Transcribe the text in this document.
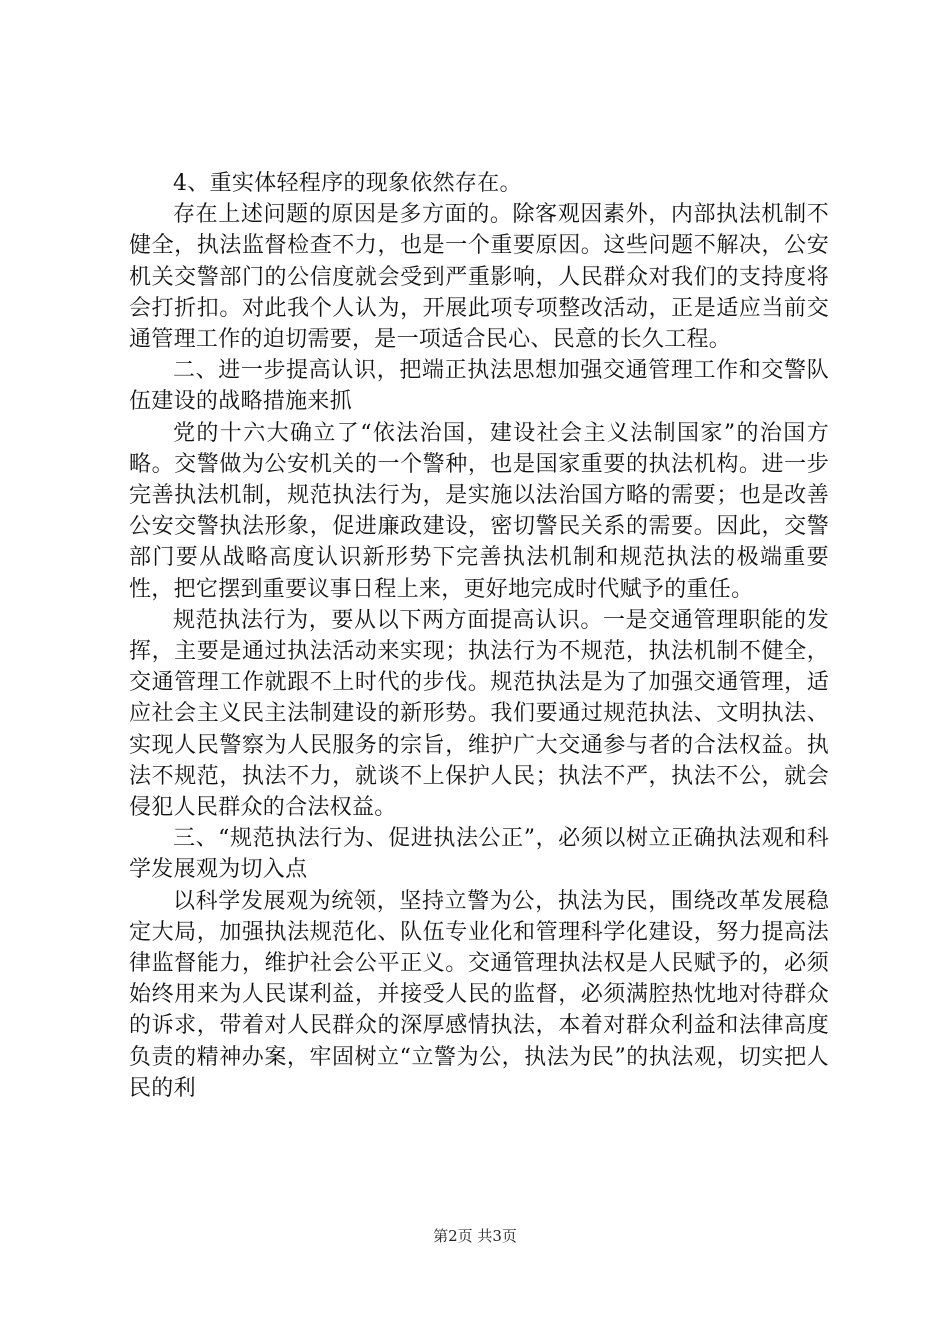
4、重实体轻程序的现象依然存在。

存在上述问题的原因是多方面的。除客观因素外，内部执法机制不健全，执法监督检查不力，也是一个重要原因。这些问题不解决，公安机关交警部门的公信度就会受到严重影响，人民群众对我们的支持度将会打折扣。对此我个人认为，开展此项专项整改活动，正是适应当前交通管理工作的迫切需要，是一项适合民心、民意的长久工程。

二、进一步提高认识，把端正执法思想加强交通管理工作和交警队伍建设的战略措施来抓

党的十六大确立了“依法治国，建设社会主义法制国家”的治国方略。交警做为公安机关的一个警种，也是国家重要的执法机构。进一步完善执法机制，规范执法行为，是实施以法治国方略的需要；也是改善公安交警执法形象，促进廉政建设，密切警民关系的需要。因此，交警部门要从战略高度认识新形势下完善执法机制和规范执法的极端重要性，把它摆到重要议事日程上来，更好地完成时代赋予的重任。

规范执法行为，要从以下两方面提高认识。一是交通管理职能的发挥，主要是通过执法活动来实现；执法行为不规范，执法机制不健全，交通管理工作就跟不上时代的步伐。规范执法是为了加强交通管理，适应社会主义民主法制建设的新形势。我们要通过规范执法、文明执法、实现人民警察为人民服务的宗旨，维护广大交通参与者的合法权益。执法不规范，执法不力，就谈不上保护人民；执法不严，执法不公，就会侵犯人民群众的合法权益。

三、“规范执法行为、促进执法公正”，必须以树立正确执法观和科学发展观为切入点

以科学发展观为统领，坚持立警为公，执法为民，围绕改革发展稳定大局，加强执法规范化、队伍专业化和管理科学化建设，努力提高法律监督能力，维护社会公平正义。交通管理执法权是人民赋予的，必须始终用来为人民谋利益，并接受人民的监督，必须满腔热忱地对待群众的诉求，带着对人民群众的深厚感情执法，本着对群众利益和法律高度负责的精神办案，牢固树立“立警为公，执法为民”的执法观，切实把人民的利

第2页 共3页
